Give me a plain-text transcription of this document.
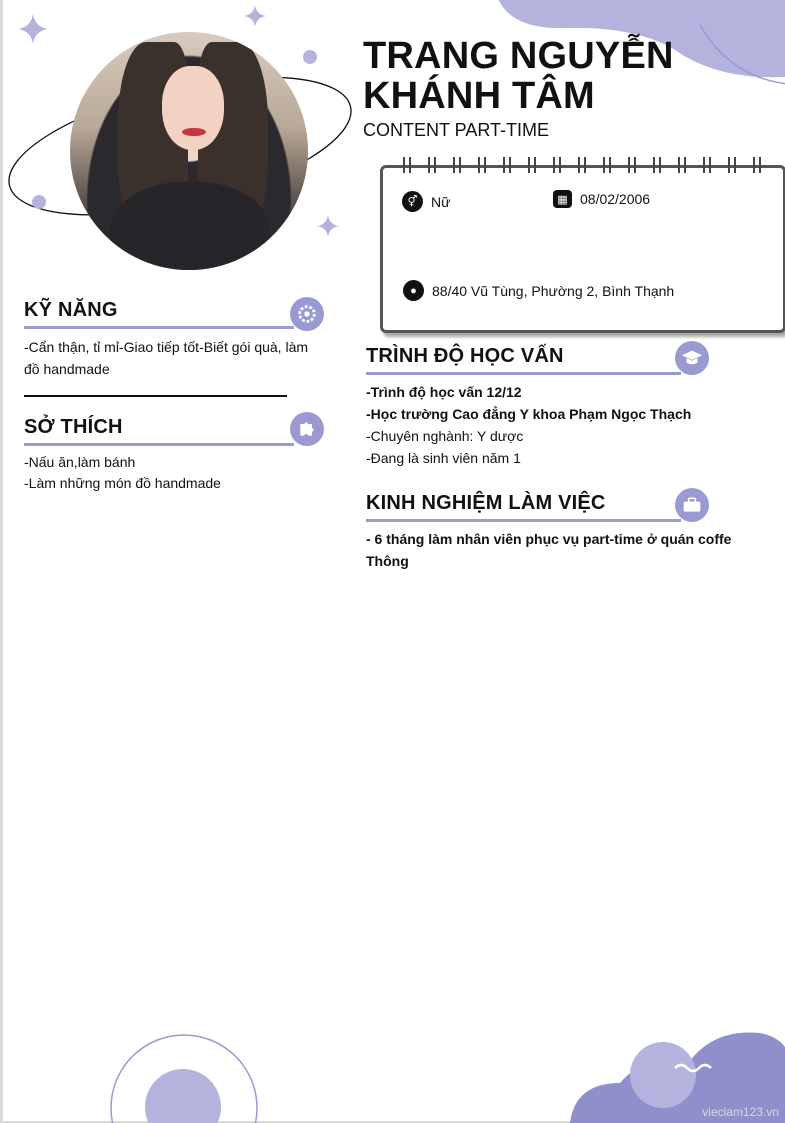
TRANG NGUYỄN
KHÁNH TÂM

CONTENT PART-TIME

⚥ Nữ	▦ 08/02/2006
●	88/40 Vũ Tùng, Phường 2, Bình Thạnh
KỸ NĂNG

-Cẩn thận, tỉ mỉ-Giao tiếp tốt-Biết gói quà, làm
đồ handmade

SỞ THÍCH

-Nấu ăn,làm bánh
-Làm những món đồ handmade

TRÌNH ĐỘ HỌC VẤN

-Trình độ học vấn 12/12
-Học trường Cao đẳng Y khoa Phạm Ngọc Thạch
-Chuyên nghành: Y dược
-Đang là sinh viên năm 1

KINH NGHIỆM LÀM VIỆC

- 6 tháng làm nhân viên phục vụ part-time ở quán coffe
Thông

vieclam123.vn
